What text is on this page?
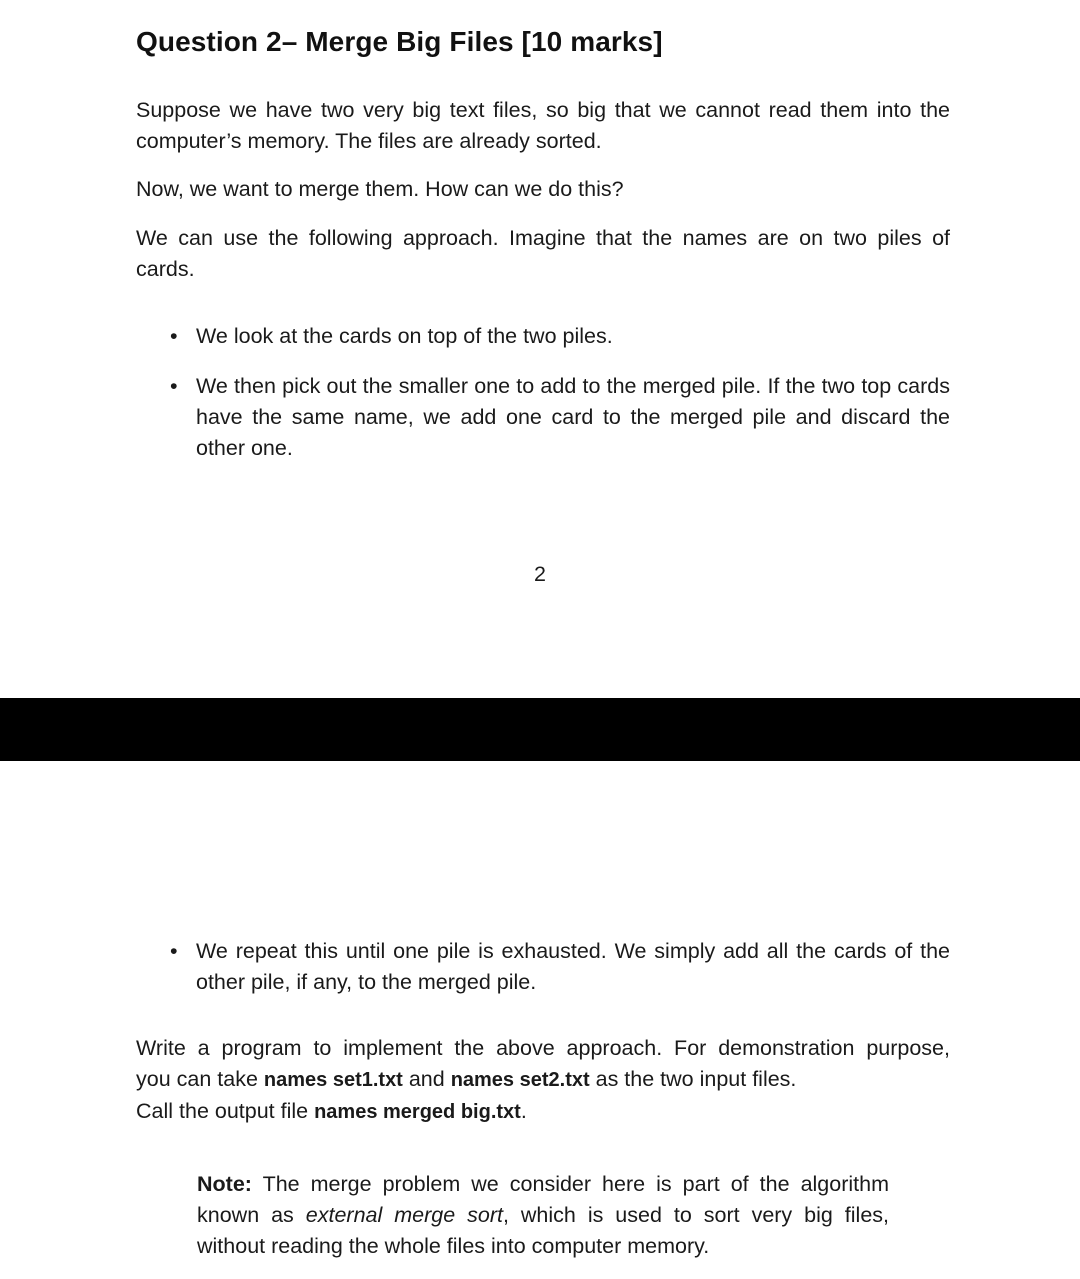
Question 2– Merge Big Files [10 marks]

Suppose we have two very big text files, so big that we cannot read them into the computer’s memory. The files are already sorted.

Now, we want to merge them. How can we do this?

We can use the following approach. Imagine that the names are on two piles of cards.

• We look at the cards on top of the two piles.

• We then pick out the smaller one to add to the merged pile. If the two top cards have the same name, we add one card to the merged pile and discard the other one.

2

• We repeat this until one pile is exhausted. We simply add all the cards of the other pile, if any, to the merged pile.

Write a program to implement the above approach. For demonstration purpose,

you can take names set1.txt and names set2.txt as the two input files.

Call the output file names merged big.txt.

Note: The merge problem we consider here is part of the algorithm known as external merge sort, which is used to sort very big files, without reading the whole files into computer memory.
